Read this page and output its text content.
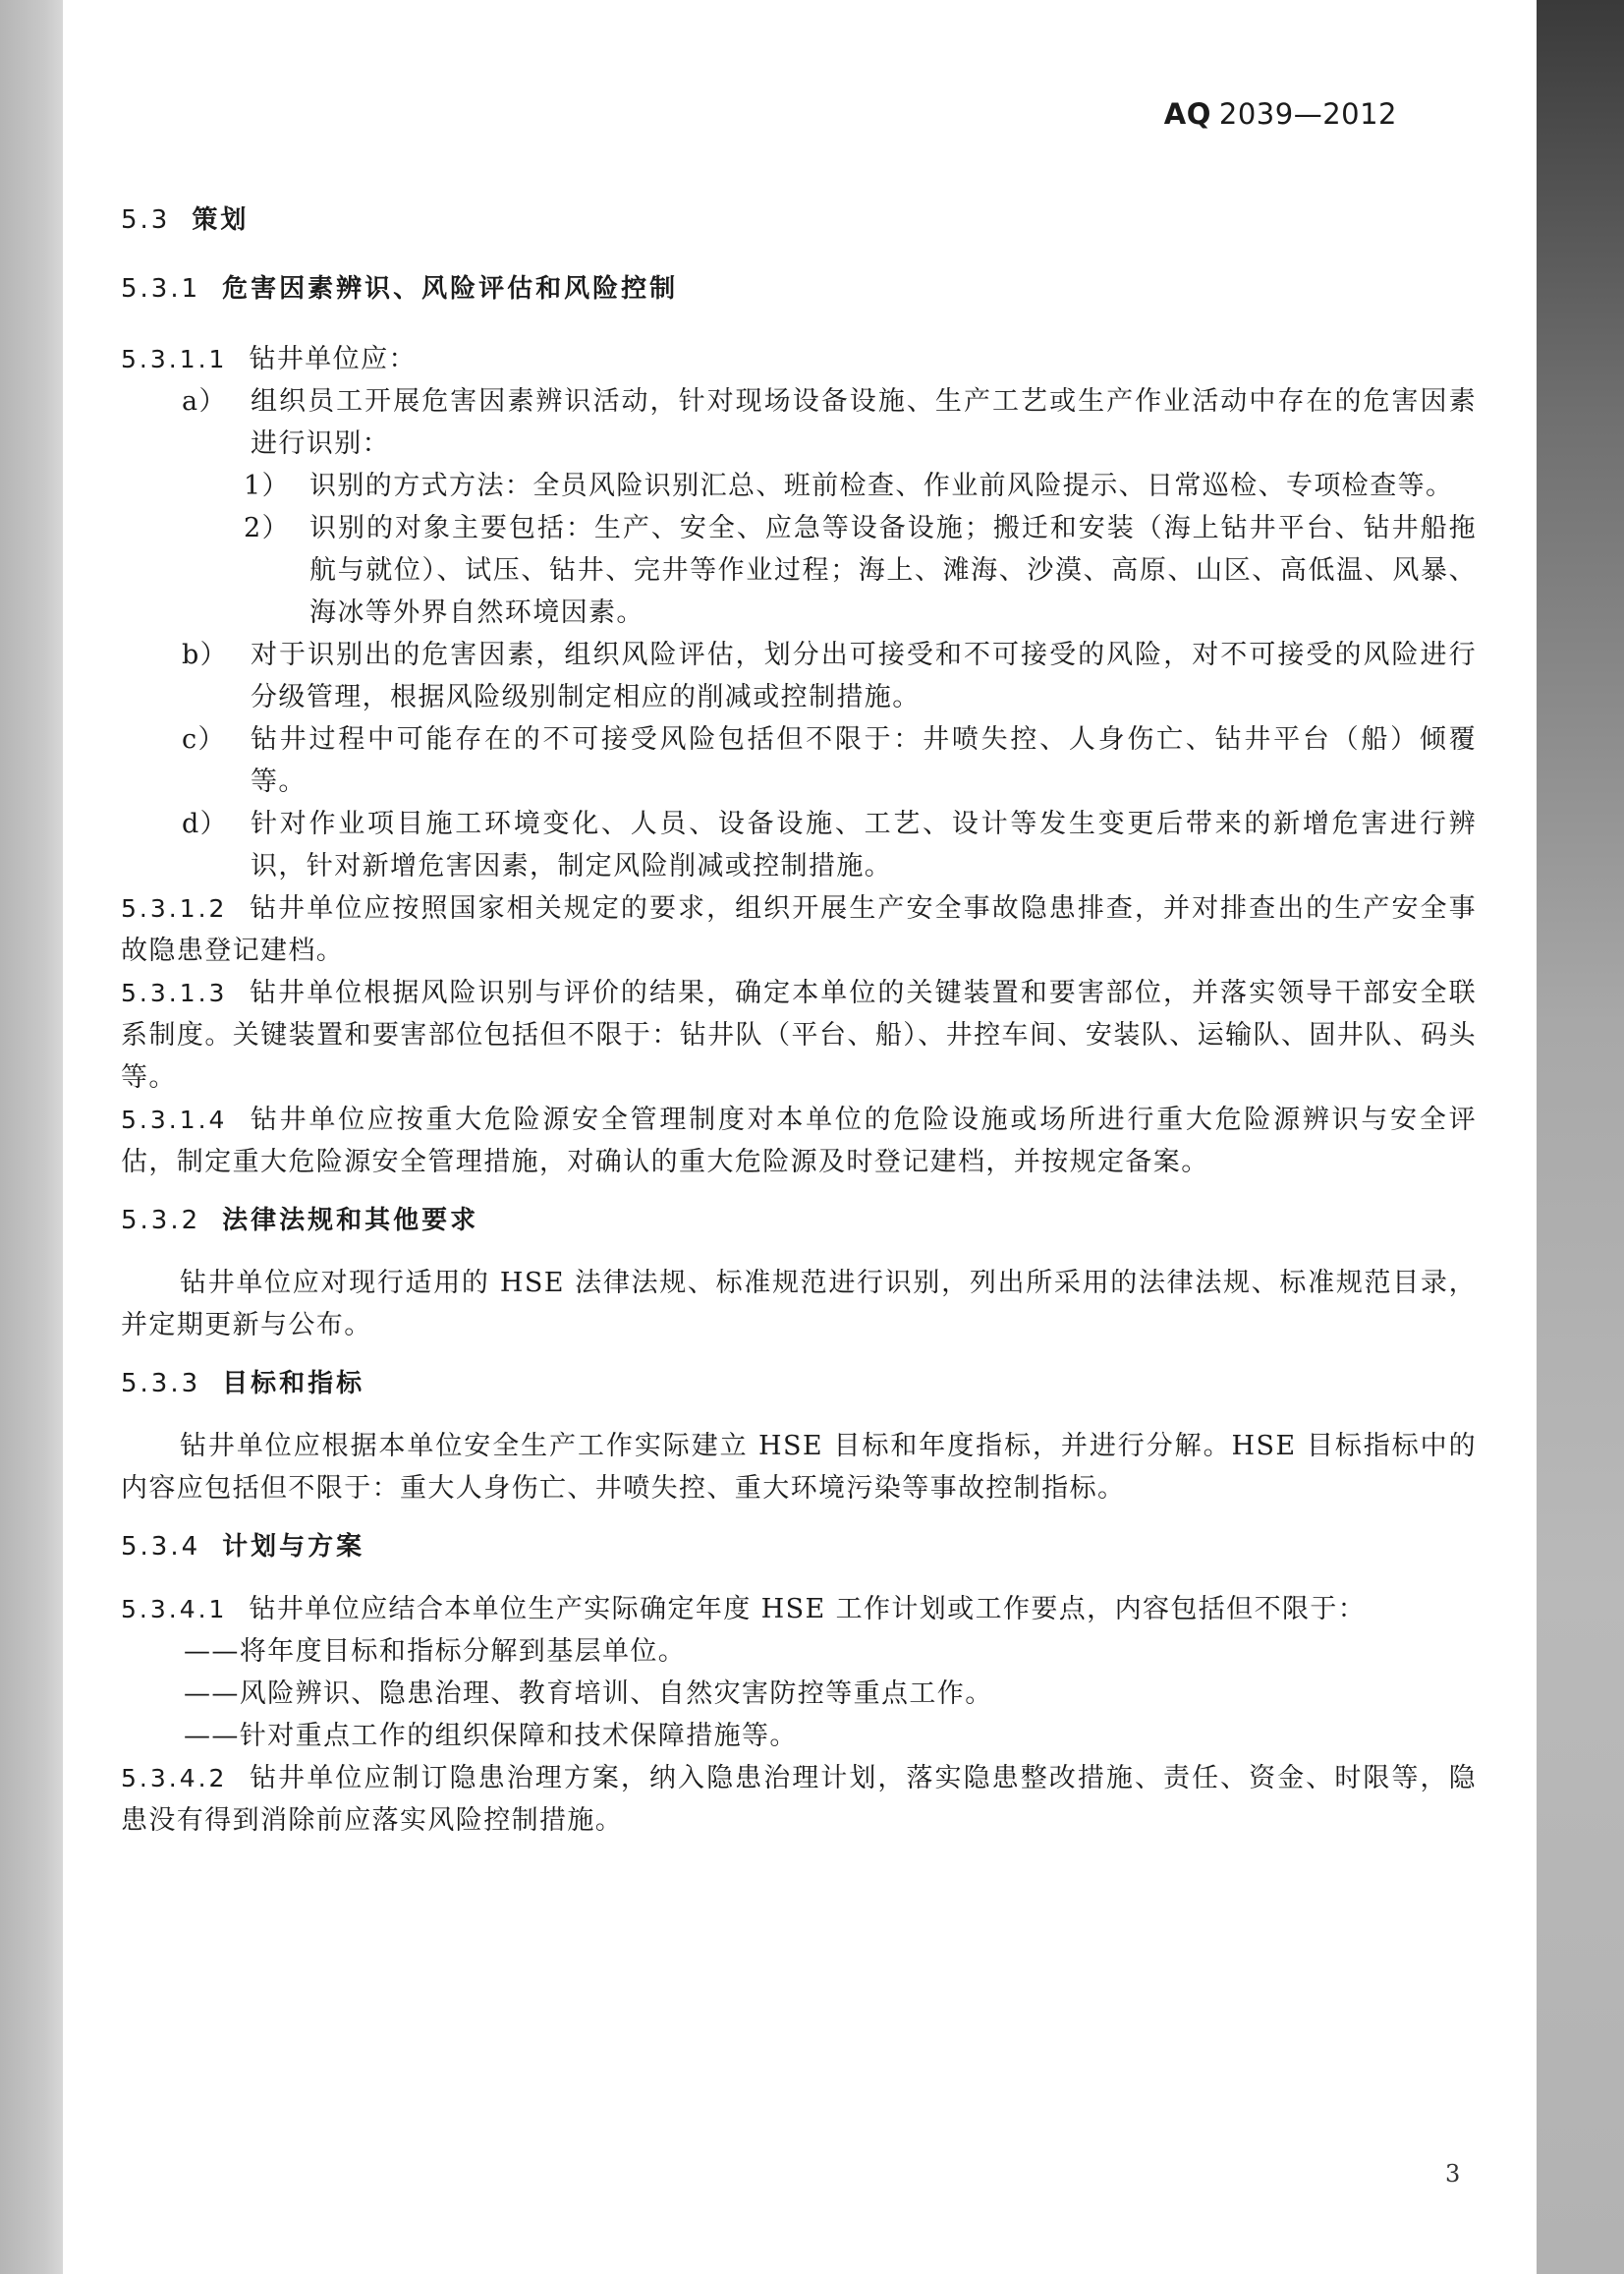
AQ 2039—2012

5.3 策划

5.3.1 危害因素辨识、风险评估和风险控制

5.3.1.1 钻井单位应：

a） 组织员工开展危害因素辨识活动，针对现场设备设施、生产工艺或生产作业活动中存在的危害因素进行识别：

1） 识别的方式方法：全员风险识别汇总、班前检查、作业前风险提示、日常巡检、专项检查等。

2） 识别的对象主要包括：生产、安全、应急等设备设施；搬迁和安装（海上钻井平台、钻井船拖航与就位）、试压、钻井、完井等作业过程；海上、滩海、沙漠、高原、山区、高低温、风暴、海冰等外界自然环境因素。

b） 对于识别出的危害因素，组织风险评估，划分出可接受和不可接受的风险，对不可接受的风险进行分级管理，根据风险级别制定相应的削减或控制措施。

c） 钻井过程中可能存在的不可接受风险包括但不限于：井喷失控、人身伤亡、钻井平台（船）倾覆等。

d） 针对作业项目施工环境变化、人员、设备设施、工艺、设计等发生变更后带来的新增危害进行辨识，针对新增危害因素，制定风险削减或控制措施。

5.3.1.2 钻井单位应按照国家相关规定的要求，组织开展生产安全事故隐患排查，并对排查出的生产安全事故隐患登记建档。

5.3.1.3 钻井单位根据风险识别与评价的结果，确定本单位的关键装置和要害部位，并落实领导干部安全联系制度。关键装置和要害部位包括但不限于：钻井队（平台、船）、井控车间、安装队、运输队、固井队、码头等。

5.3.1.4 钻井单位应按重大危险源安全管理制度对本单位的危险设施或场所进行重大危险源辨识与安全评估，制定重大危险源安全管理措施，对确认的重大危险源及时登记建档，并按规定备案。

5.3.2 法律法规和其他要求

钻井单位应对现行适用的 HSE 法律法规、标准规范进行识别，列出所采用的法律法规、标准规范目录，并定期更新与公布。

5.3.3 目标和指标

钻井单位应根据本单位安全生产工作实际建立 HSE 目标和年度指标，并进行分解。HSE 目标指标中的内容应包括但不限于：重大人身伤亡、井喷失控、重大环境污染等事故控制指标。

5.3.4 计划与方案

5.3.4.1 钻井单位应结合本单位生产实际确定年度 HSE 工作计划或工作要点，内容包括但不限于：

——将年度目标和指标分解到基层单位。

——风险辨识、隐患治理、教育培训、自然灾害防控等重点工作。

——针对重点工作的组织保障和技术保障措施等。

5.3.4.2 钻井单位应制订隐患治理方案，纳入隐患治理计划，落实隐患整改措施、责任、资金、时限等，隐患没有得到消除前应落实风险控制措施。

3
